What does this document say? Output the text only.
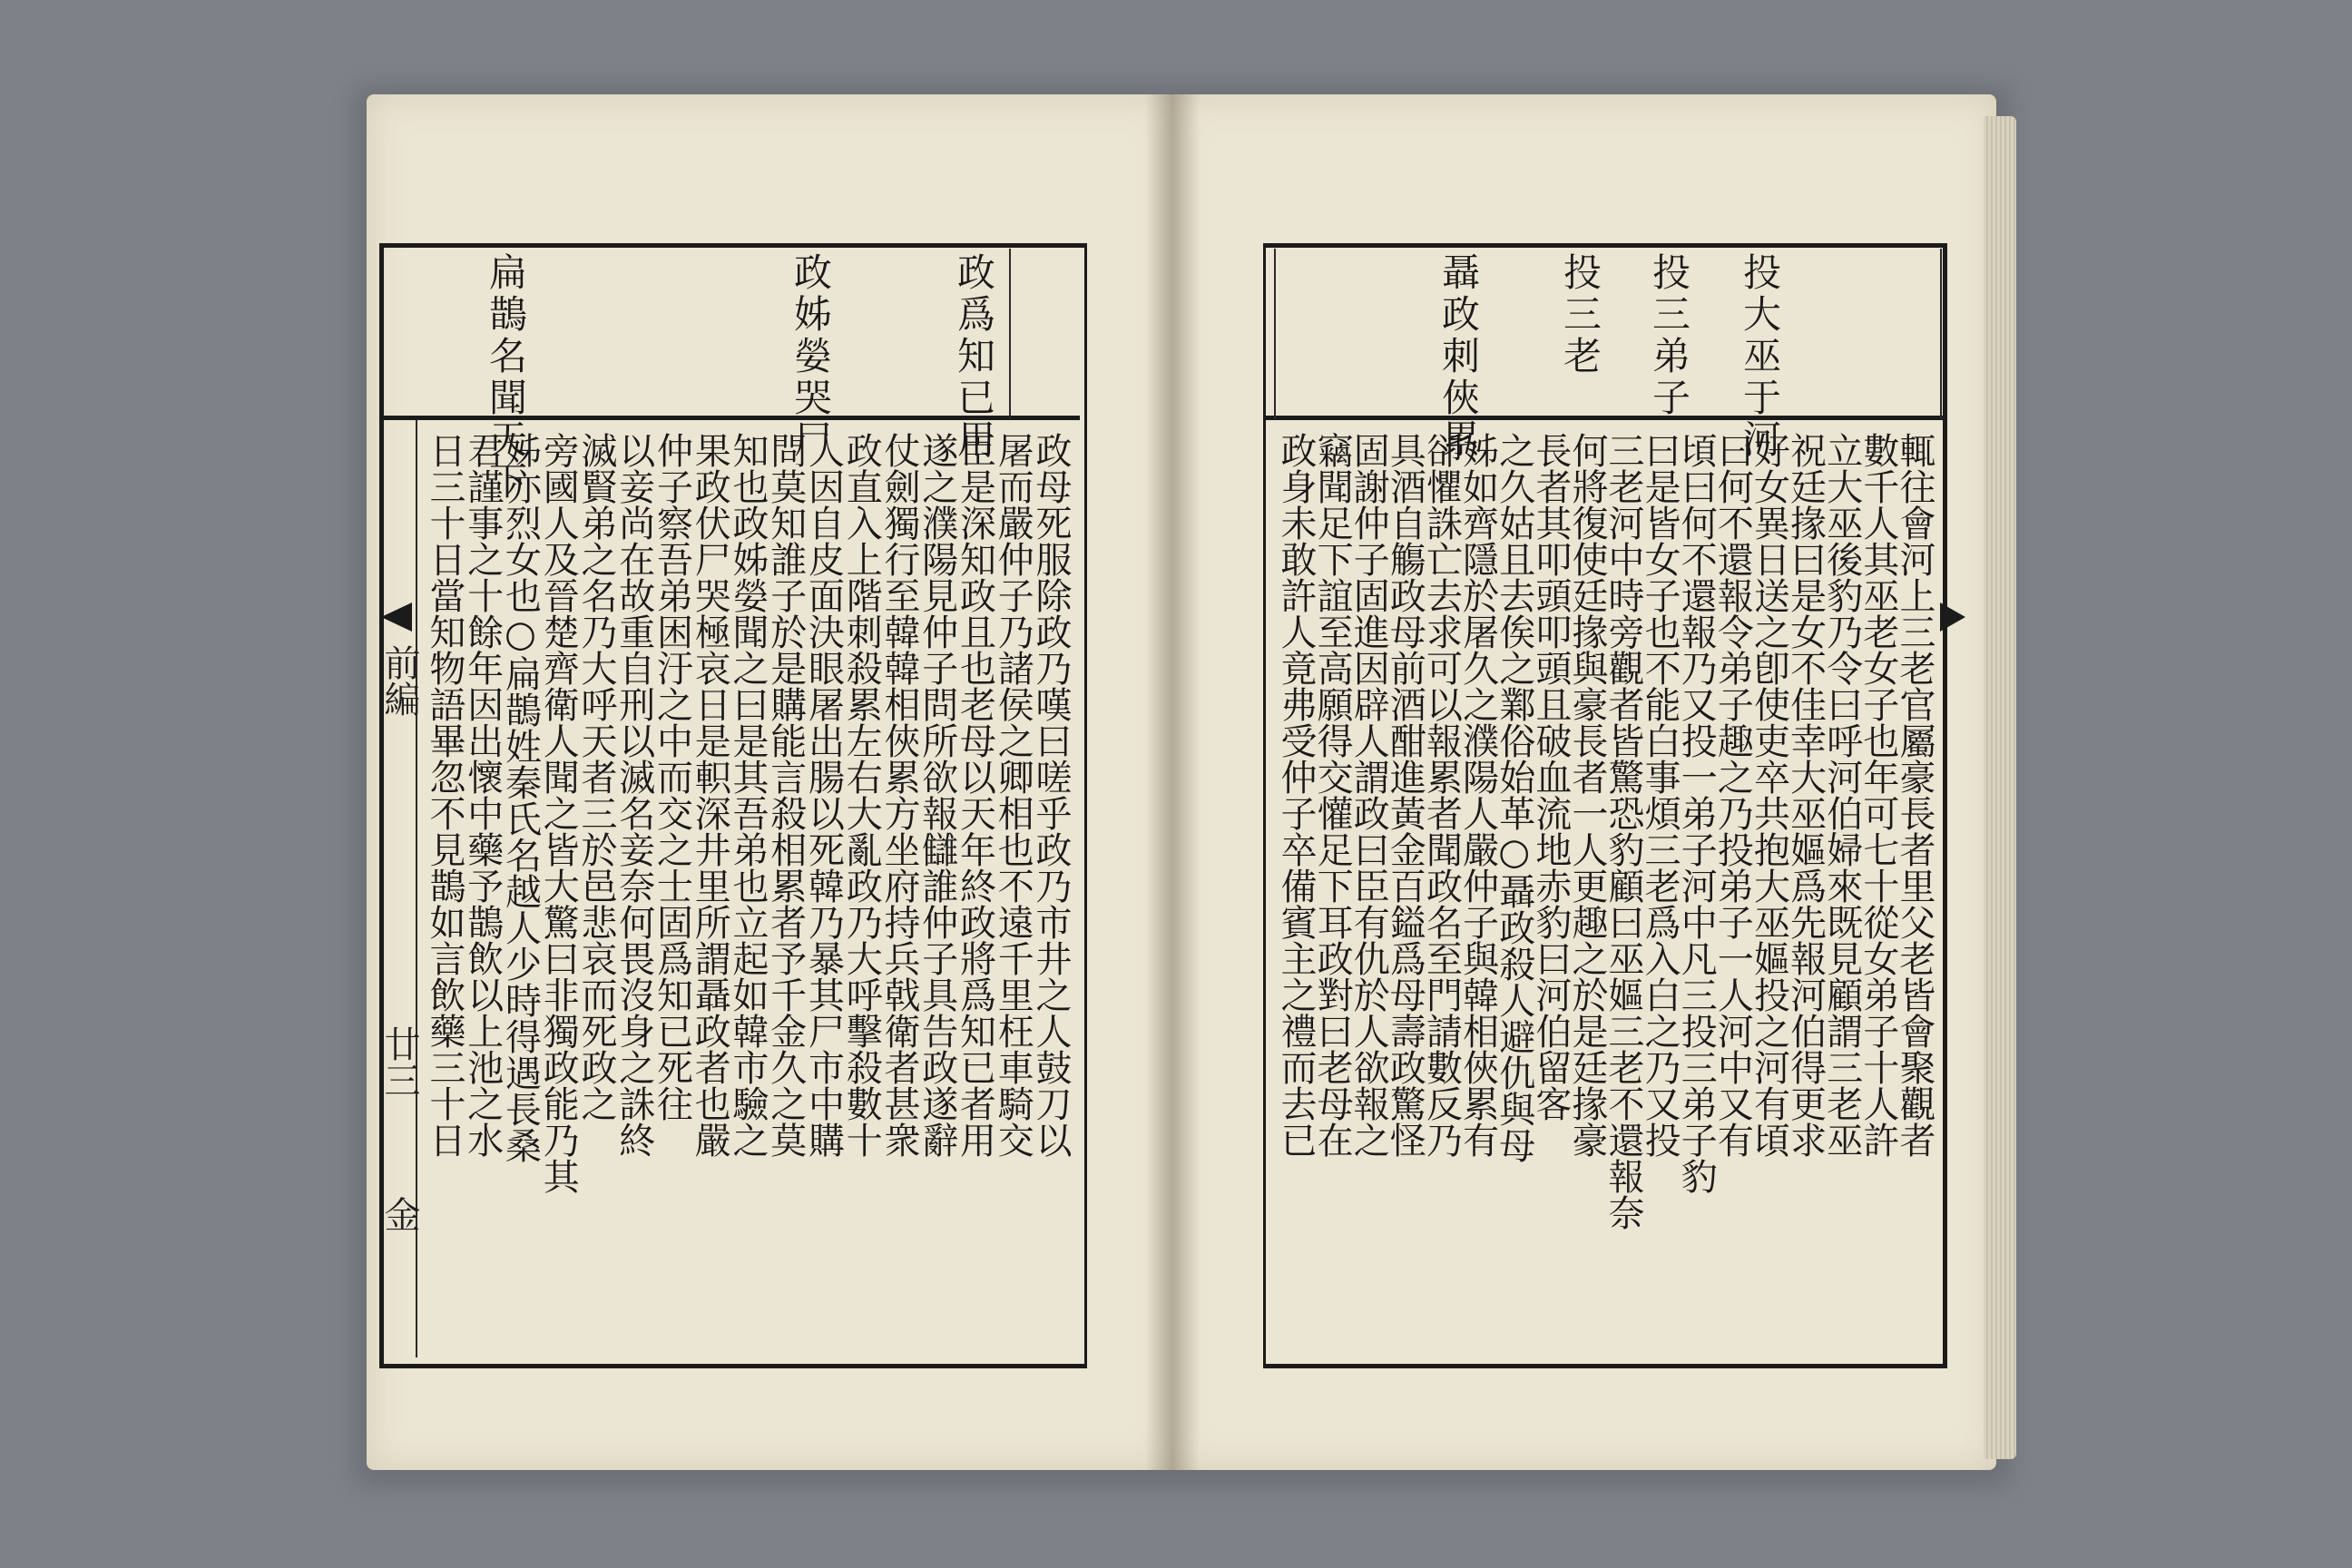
政爲知已用
政姊嫈哭尸
扁鵲名聞天下
政母死服除政乃嘆曰嗟乎政乃市井之人鼓刀以
屠而嚴仲子乃諸侯之卿相也不遠千里枉車騎交
臣是深知政且也老母以天年終政將爲知已者用
遂之濮陽見仲子問所欲報讎誰仲子具告政遂辭
仗劍獨行至韓韓相俠累方坐府持兵戟衛者甚衆
政直入上階刺殺累左右大亂政乃大呼擊殺數十
人因自皮面決眼屠出腸以死韓乃暴其尸市中購
問莫知誰子於是購能言殺相累者予千金久之莫
知也政姊嫈聞之曰是其吾弟也立起如韓市驗之
果政伏尸哭極哀日是軹深井里所謂聶政者也嚴
仲子察吾弟困汙之中而交之士固爲知已死往
以妾尚在故重自刑以滅名妾奈何畏沒身之誅終
滅賢弟之名乃大呼天者三於邑悲哀而死政之
旁國人及晉楚齊衛人聞之皆大驚曰非獨政能乃其
姊亦烈女也○扁鵲姓秦氏名越人少時得遇長桑
君謹事之十餘年因出懷中藥予鵲飲以上池之水
日三十日當知物語畢忽不見鵲如言飲藥三十日
前編
廿三
金
投大巫于河
投三弟子
投三老
聶政刺俠累
輒往會河上三老官屬豪長者里父老皆會聚觀者
數千人其巫老女子也年可七十從女弟子十人許
立大巫後豹乃令曰呼河伯婦來既見顧謂三老巫
祝廷掾曰是女不佳幸大巫嫗爲先報河伯得更求
好女異日送之卽使吏卒共抱大巫嫗投之河有頃
曰何不還報令弟子趣之乃投弟子一人河中又有
頃曰何不還報乃又投一弟子河中凡三投三弟子豹
曰是皆女子也不能白事煩三老爲入白之乃又投
三老河中時旁觀者皆驚恐豹顧曰巫嫗三老不還報奈
何將復使廷掾與豪長者一人更趣之於是廷掾豪
長者其叩頭叩頭且破血流地赤豹曰河伯留客
之久姑且去俟之鄴俗始革○聶政殺人避仇與母
姊如齊隱於屠久之濮陽人嚴仲子與韓相俠累有
卻懼誅亡去求可以報累者聞政名至門請數反乃
具酒自觴政母前酒酣進黃金百鎰爲母壽政驚怪
固謝仲子固進因辟人謂政曰臣有仇於人欲報之
竊聞足下誼至高願得交懽足下耳政對曰老母在
政身未敢許人竟弗受仲子卒備賓主之禮而去已
